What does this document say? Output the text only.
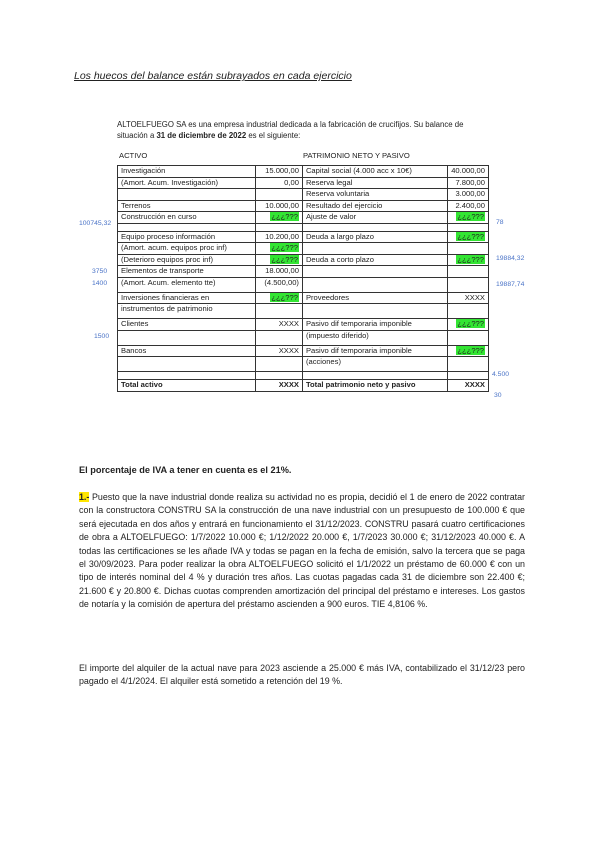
Los huecos del balance están subrayados en cada ejercicio
ALTOELFUEGO SA es una empresa industrial dedicada a la fabricación de crucifijos. Su balance de situación a 31 de diciembre de 2022 es el siguiente:
ACTIVO	PATRIMONIO NETO Y PASIVO
Investigación	15.000,00	Capital social (4.000 acc x 10€)	40.000,00
(Amort. Acum. Investigación)	0,00	Reserva legal	7.800,00
		Reserva voluntaria	3.000,00
Terrenos	10.000,00	Resultado del ejercicio	2.400,00
Construcción en curso	¿¿¿???	Ajuste de valor	¿¿¿???

Equipo proceso información	10.200,00	Deuda a largo plazo	¿¿¿???
(Amort. acum. equipos proc inf)	¿¿¿???		
(Deterioro equipos proc inf)	¿¿¿???	Deuda a corto plazo	¿¿¿???
Elementos de transporte	18.000,00		
(Amort. Acum. elemento tte)	(4.500,00)		
Inversiones financieras en	¿¿¿???	Proveedores	XXXX
instrumentos de patrimonio			
Clientes	XXXX	Pasivo dif temporaria imponible	¿¿¿???
		(impuesto diferido)	
Bancos	XXXX	Pasivo dif temporaria imponible	¿¿¿???
		(acciones)	

Total activo	XXXX	Total patrimonio neto y pasivo	XXXX
100745,32	78
19884,32
3750
1400	19887,74
1500
4.500
30
El porcentaje de IVA a tener en cuenta es el 21%.
1.- Puesto que la nave industrial donde realiza su actividad no es propia, decidió el 1 de enero de 2022 contratar con la constructora CONSTRU SA la construcción de una nave industrial con un presupuesto de 100.000 € que será ejecutada en dos años y entrará en funcionamiento el 31/12/2023. CONSTRU pasará cuatro certificaciones de obra a ALTOELFUEGO: 1/7/2022 10.000 €; 1/12/2022 20.000 €, 1/7/2023 30.000 €; 31/12/2023 40.000 €. A todas las certificaciones se les añade IVA y todas se pagan en la fecha de emisión, salvo la tercera que se paga el 30/09/2023. Para poder realizar la obra ALTOELFUEGO solicitó el 1/1/2022 un préstamo de 60.000 € con un tipo de interés nominal del 4 % y duración tres años. Las cuotas pagadas cada 31 de diciembre son 22.400 €; 21.600 € y 20.800 €. Dichas cuotas comprenden amortización del principal del préstamo e intereses. Los gastos de notaría y la comisión de apertura del préstamo ascienden a 900 euros. TIE 4,8106 %.
El importe del alquiler de la actual nave para 2023 asciende a 25.000 € más IVA, contabilizado el 31/12/23 pero pagado el 4/1/2024. El alquiler está sometido a retención del 19 %.
